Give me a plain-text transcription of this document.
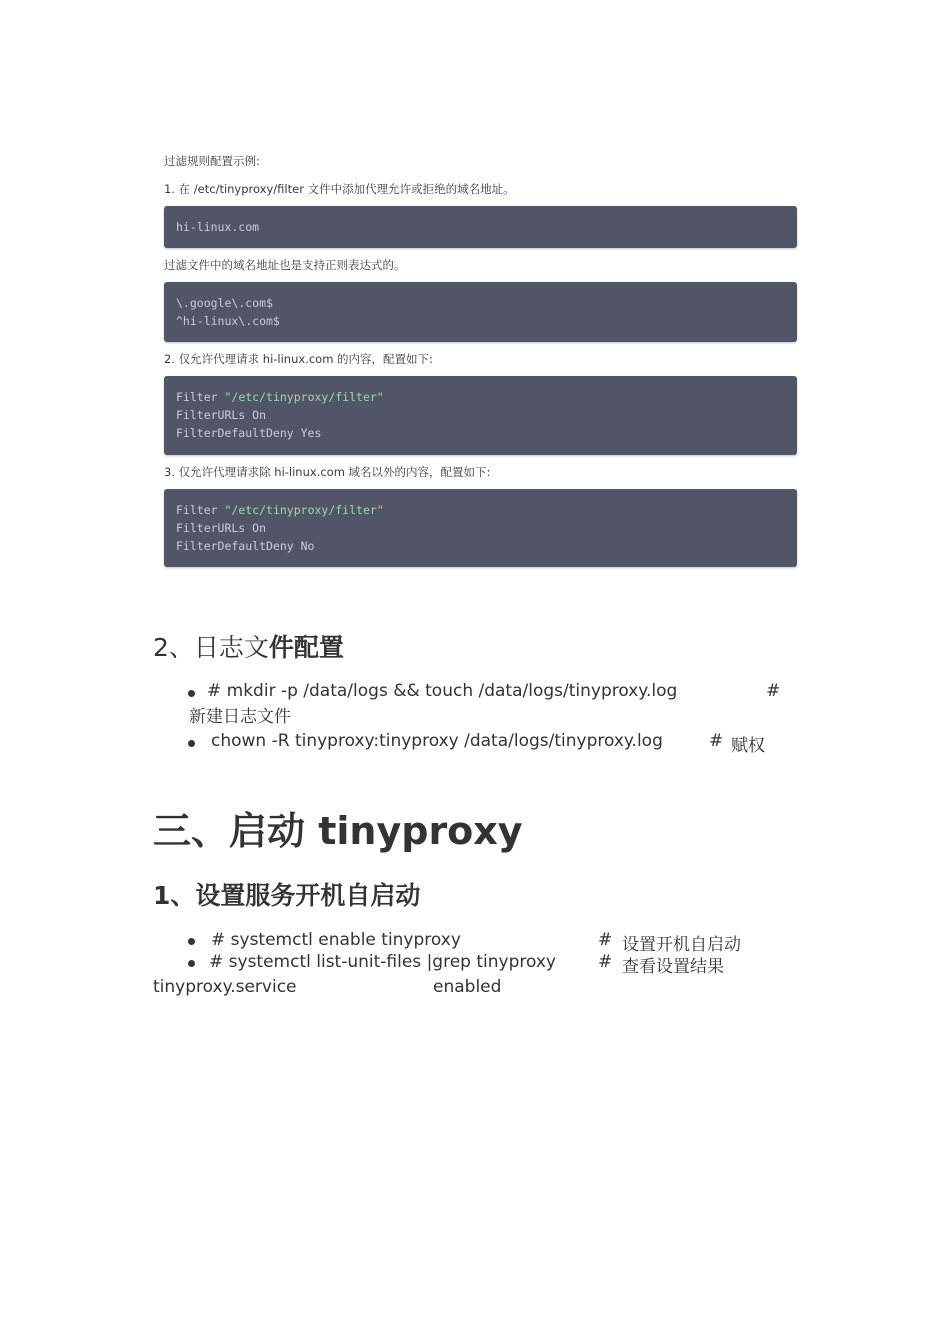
过滤规则配置示例:
1. 在 /etc/tinyproxy/filter 文件中添加代理允许或拒绝的域名地址。
hi-linux.com
过滤文件中的域名地址也是支持正则表达式的。
\.google\.com$
^hi-linux\.com$
2. 仅允许代理请求 hi-linux.com 的内容，配置如下:
Filter "/etc/tinyproxy/filter"
FilterURLs On
FilterDefaultDeny Yes
3. 仅允许代理请求除 hi-linux.com 域名以外的内容，配置如下:
Filter "/etc/tinyproxy/filter"
FilterURLs On
FilterDefaultDeny No
2、日志文件配置
# mkdir -p /data/logs && touch /data/logs/tinyproxy.log	#
新建日志文件
chown -R tinyproxy:tinyproxy /data/logs/tinyproxy.log	# 赋权
三、启动 tinyproxy
1、设置服务开机自启动
# systemctl enable tinyproxy	# 设置开机自启动
# systemctl list-unit-files |grep tinyproxy # 查看设置结果
tinyproxy.service	enabled
